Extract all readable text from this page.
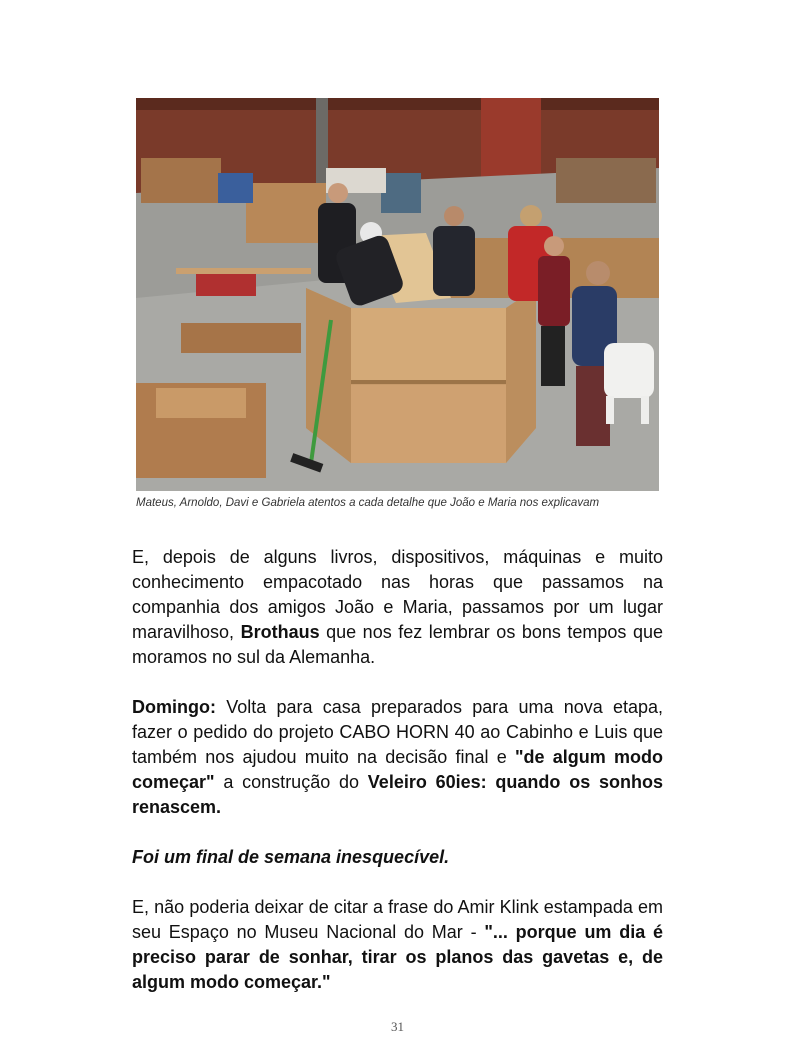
Mateus, Arnoldo, Davi e Gabriela atentos a cada detalhe que João e Maria nos explicavam

E, depois de alguns livros, dispositivos, máquinas e muito conhecimento empacotado nas horas que passamos na companhia dos amigos João e Maria, passamos por um lugar maravilhoso, Brothaus que nos fez lembrar os bons tempos que moramos no sul da Alemanha.

Domingo: Volta para casa preparados para uma nova etapa, fazer o pedido do projeto CABO HORN 40 ao Cabinho e Luis que também nos ajudou muito na decisão final e "de algum modo começar" a construção do Veleiro 60ies: quando os sonhos renascem.

Foi um final de semana inesquecível.

E, não poderia deixar de citar a frase do Amir Klink estampada em seu Espaço no Museu Nacional do Mar - "... porque um dia é preciso parar de sonhar, tirar os planos das gavetas e, de algum modo começar."

31
